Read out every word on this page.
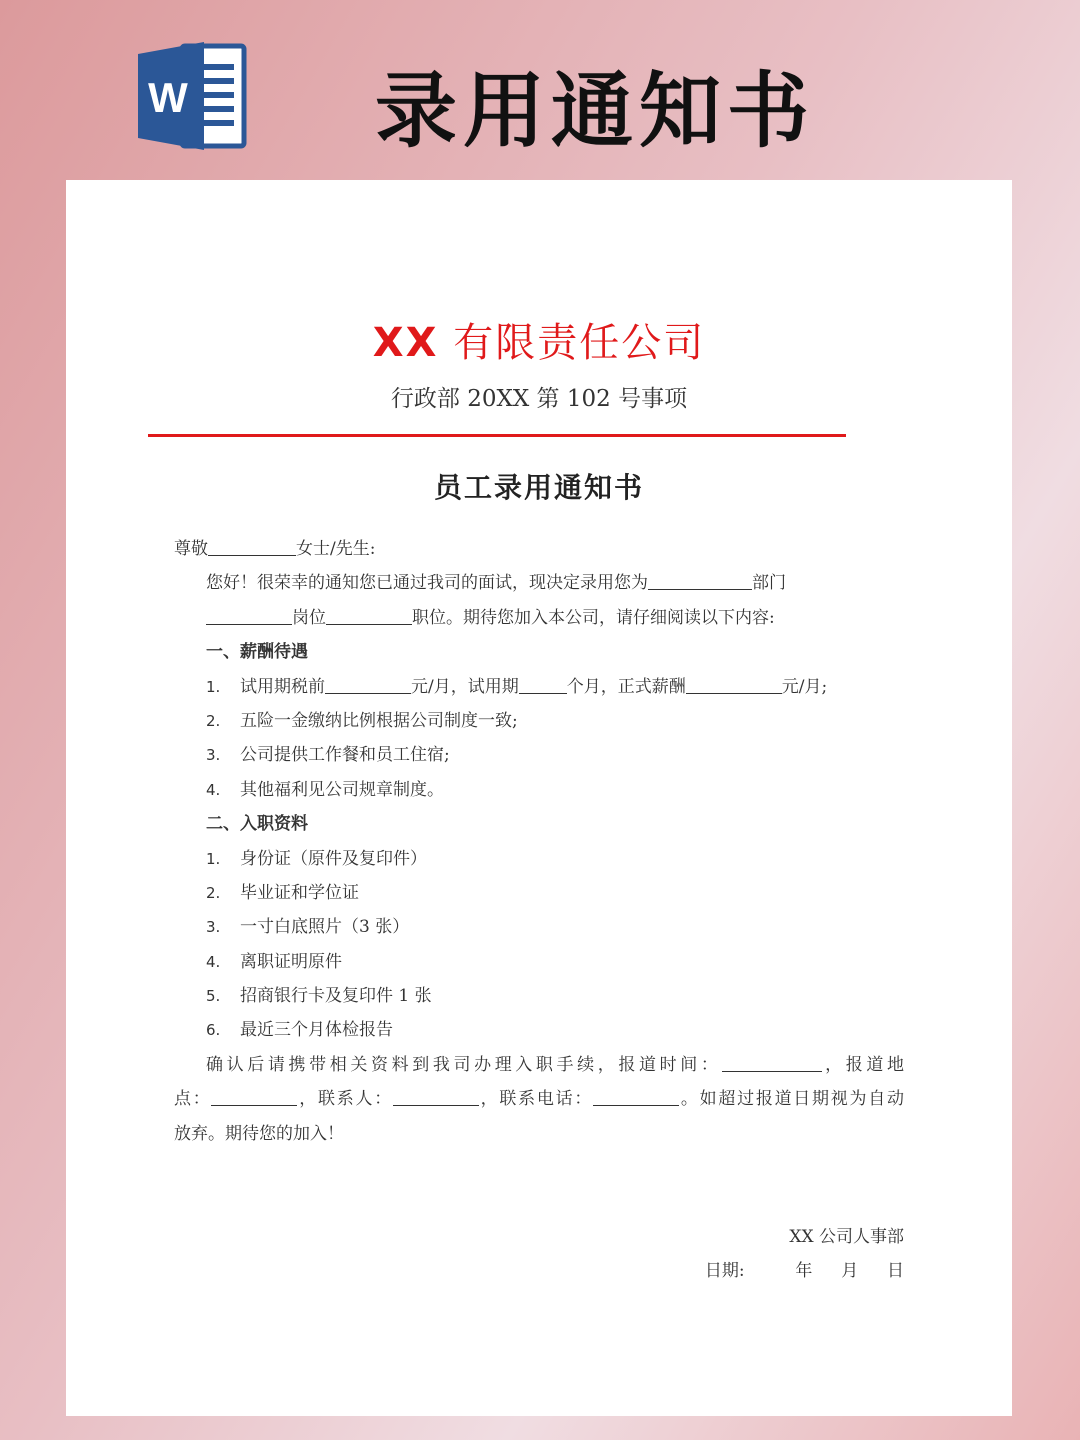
W 录用通知书
XX 有限责任公司
行政部 20XX 第 102 号事项
员工录用通知书
尊敬	女士/先生:
您好！很荣幸的通知您已通过我司的面试，现决定录用您为	部门
岗位	职位。期待您加入本公司，请仔细阅读以下内容:
一、薪酬待遇
1. 试用期税前	元/月，试用期	个月，正式薪酬	元/月;
2. 五险一金缴纳比例根据公司制度一致;
3. 公司提供工作餐和员工住宿;
4. 其他福利见公司规章制度。
二、入职资料
1. 身份证（原件及复印件）
2. 毕业证和学位证
3. 一寸白底照片（3 张）
4. 离职证明原件
5. 招商银行卡及复印件 1 张
6. 最近三个月体检报告
确认后请携带相关资料到我司办理入职手续，报道时间：	，报道地
点：	，联系人：	，联系电话：	。如超过报道日期视为自动
放弃。期待您的加入！
XX 公司人事部
日期:	年 月 日
